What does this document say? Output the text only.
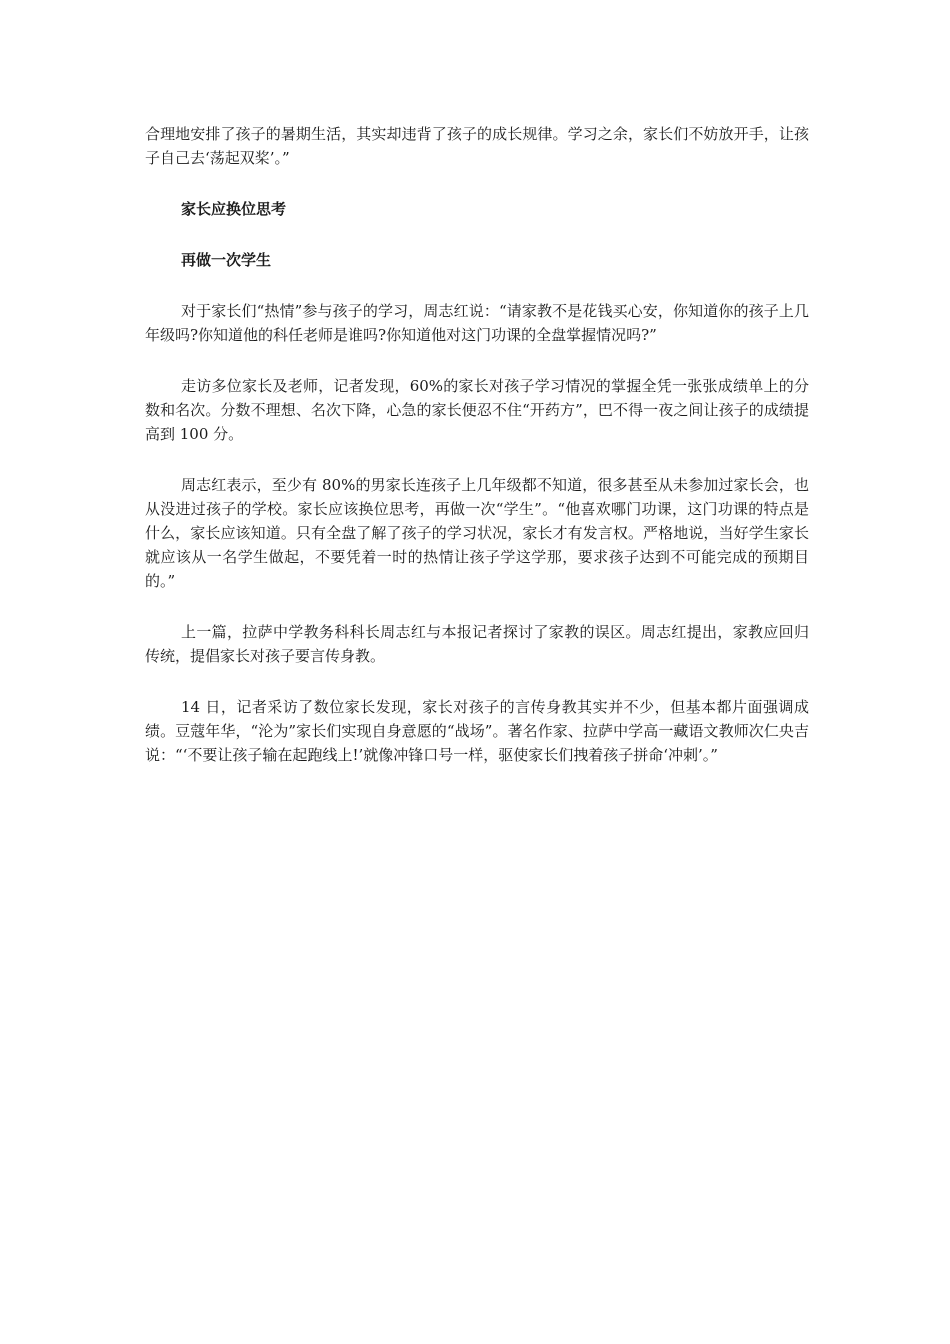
合理地安排了孩子的暑期生活，其实却违背了孩子的成长规律。学习之余，家长们不妨放开手，让孩子自己去‘荡起双桨’。”

家长应换位思考

再做一次学生

对于家长们“热情”参与孩子的学习，周志红说：“请家教不是花钱买心安，你知道你的孩子上几年级吗?你知道他的科任老师是谁吗?你知道他对这门功课的全盘掌握情况吗?”

走访多位家长及老师，记者发现，60%的家长对孩子学习情况的掌握全凭一张张成绩单上的分数和名次。分数不理想、名次下降，心急的家长便忍不住“开药方”，巴不得一夜之间让孩子的成绩提高到 100 分。

周志红表示，至少有 80%的男家长连孩子上几年级都不知道，很多甚至从未参加过家长会，也从没进过孩子的学校。家长应该换位思考，再做一次“学生”。“他喜欢哪门功课，这门功课的特点是什么，家长应该知道。只有全盘了解了孩子的学习状况，家长才有发言权。严格地说，当好学生家长就应该从一名学生做起，不要凭着一时的热情让孩子学这学那，要求孩子达到不可能完成的预期目的。”

上一篇，拉萨中学教务科科长周志红与本报记者探讨了家教的误区。周志红提出，家教应回归传统，提倡家长对孩子要言传身教。

14 日，记者采访了数位家长发现，家长对孩子的言传身教其实并不少，但基本都片面强调成绩。豆蔻年华，“沦为”家长们实现自身意愿的“战场”。著名作家、拉萨中学高一藏语文教师次仁央吉说：“‘不要让孩子输在起跑线上!’就像冲锋口号一样，驱使家长们拽着孩子拼命‘冲刺’。”
